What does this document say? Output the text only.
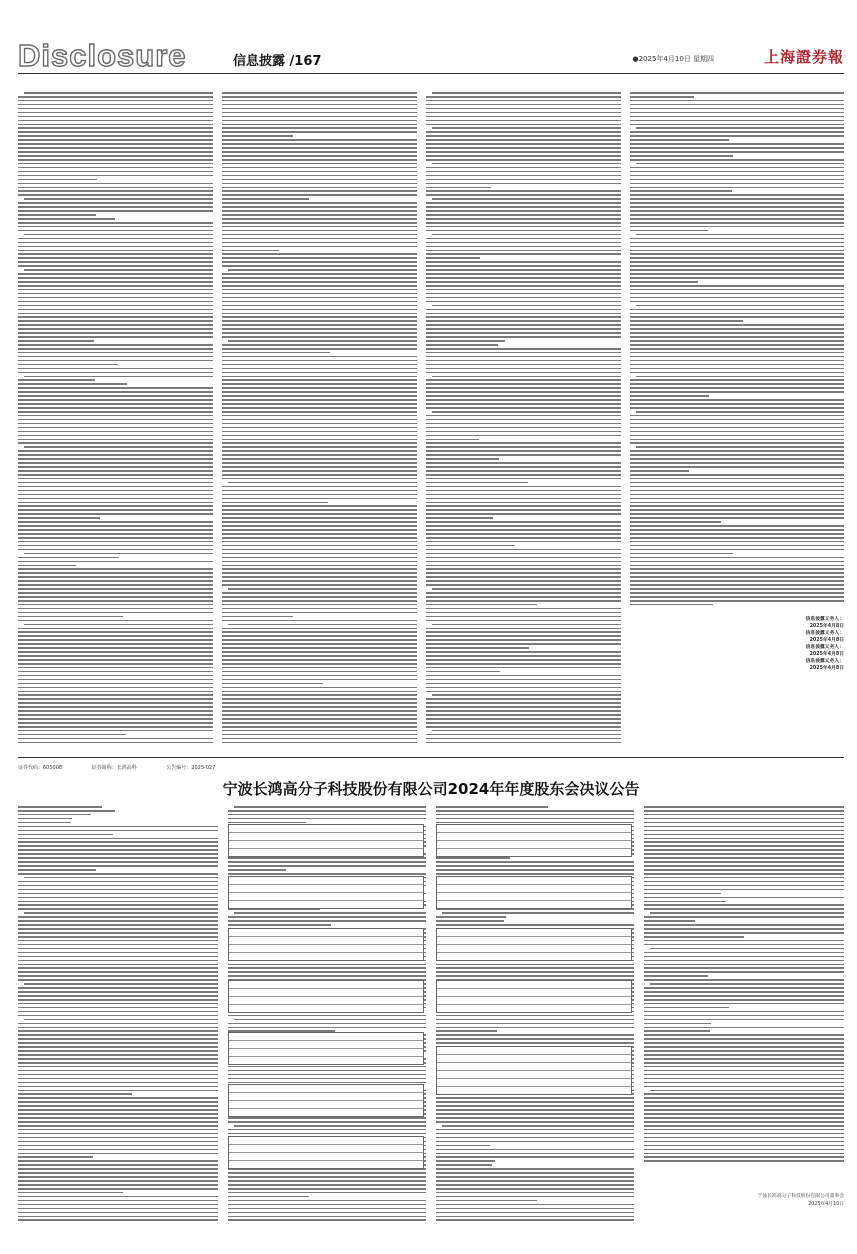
Disclosure	信息披露 /167	●2025年4月10日 星期四	上海證券報
信息披露义务人：
2025年4月8日
信息披露义务人：
2025年4月8日
信息披露义务人：
2025年4月8日
信息披露义务人：
2025年4月8日
证券代码：605008	证券简称：长鸿高科	公告编号：2025-027
宁波长鸿高分子科技股份有限公司2024年年度股东会决议公告
宁波长鸿高分子科技股份有限公司董事会
2025年4月10日
